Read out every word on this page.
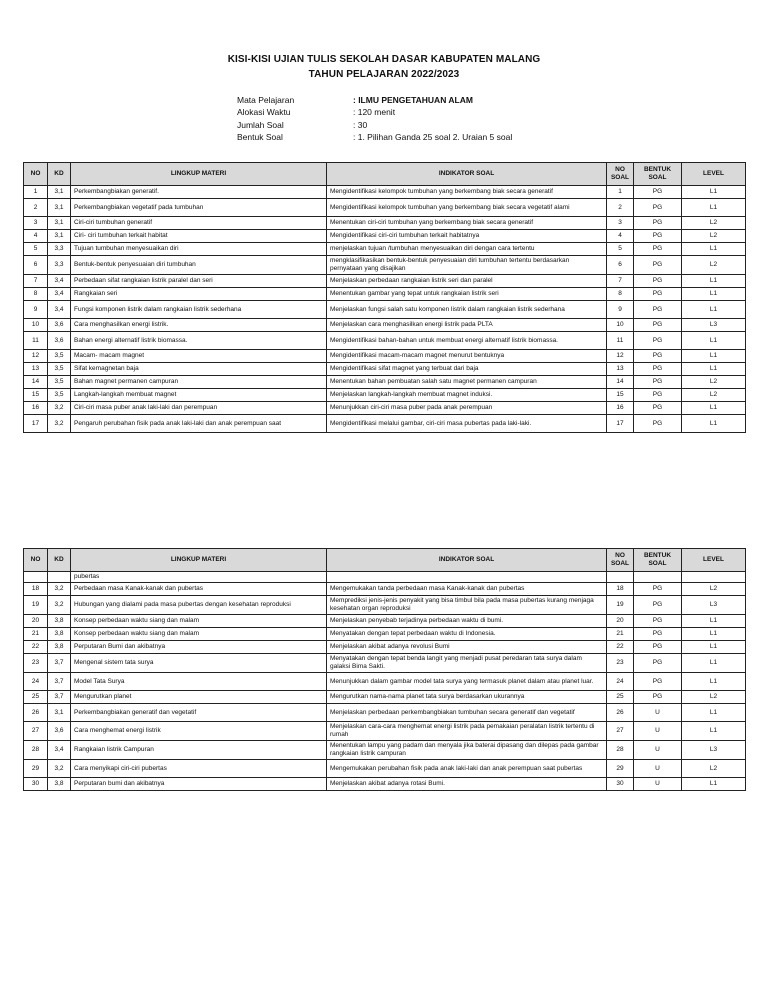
KISI-KISI UJIAN TULIS SEKOLAH DASAR KABUPATEN MALANG
TAHUN PELAJARAN 2022/2023
Mata Pelajaran	: ILMU PENGETAHUAN ALAM
Alokasi Waktu	: 120 menit
Jumlah Soal	: 30
Bentuk Soal	: 1. Pilihan Ganda 25 soal 2. Uraian 5 soal
NO	KD	LINGKUP MATERI	INDIKATOR SOAL	NO SOAL	BENTUK SOAL	LEVEL
1	3,1	Perkembangbiakan generatif.	Mengidentifikasi kelompok tumbuhan yang berkembang biak secara generatif	1	PG	L1
2	3,1	Perkembangbiakan vegetatif pada tumbuhan	Mengidentifikasi kelompok tumbuhan yang berkembang biak secara vegetatif alami	2	PG	L1
3	3,1	Ciri-ciri tumbuhan generatif	Menentukan ciri-ciri tumbuhan yang berkembang biak secara generatif	3	PG	L2
4	3,1	Ciri- ciri tumbuhan terkait habitat	Mengidentifikasi ciri-ciri tumbuhan terkait habitatnya	4	PG	L2
5	3,3	Tujuan tumbuhan menyesuaikan diri	menjelaskan tujuan /tumbuhan menyesuaikan diri dengan cara tertentu	5	PG	L1
6	3,3	Bentuk-bentuk penyesuaian diri tumbuhan	mengklasifikasikan bentuk-bentuk penyesuaian diri tumbuhan tertentu berdasarkan pernyataan yang disajikan	6	PG	L2
7	3,4	Perbedaan sifat rangkaian listrik paralel dan seri	Menjelaskan perbedaan rangkaian listrik seri dan paralel	7	PG	L1
8	3,4	Rangkaian seri	Menentukan gambar yang tepat untuk rangkaian listrik seri	8	PG	L1
9	3,4	Fungsi komponen listrik dalam rangkaian listrik sederhana	Menjelaskan fungsi salah satu komponen listrik dalam rangkaian listrik sederhana	9	PG	L1
10	3,6	Cara menghasilkan energi listrik.	Menjelaskan cara menghasilkan energi listrik pada PLTA	10	PG	L3
11	3,6	Bahan energi alternatif listrik biomassa.	Mengidentifikasi bahan-bahan untuk membuat energi alternatif listrik biomassa.	11	PG	L1
12	3,5	Macam- macam magnet	Mengidentifikasi macam-macam magnet menurut bentuknya	12	PG	L1
13	3,5	Sifat kemagnetan baja	Mengidentifikasi sifat magnet yang terbuat dari baja	13	PG	L1
14	3,5	Bahan magnet permanen campuran	Menentukan bahan pembuatan salah satu magnet permanen campuran	14	PG	L2
15	3,5	Langkah-langkah membuat magnet	Menjelaskan langkah-langkah membuat magnet induksi.	15	PG	L2
16	3,2	Ciri-ciri masa puber anak laki-laki dan perempuan	Menunjukkan ciri-ciri masa puber pada anak perempuan	16	PG	L1
17	3,2	Pengaruh perubahan fisik pada anak laki-laki dan anak perempuan saat	Mengidentifikasi melalui gambar, ciri-ciri masa pubertas pada laki-laki.	17	PG	L1
NO	KD	LINGKUP MATERI	INDIKATOR SOAL	NO SOAL	BENTUK SOAL	LEVEL
		pubertas				
18	3,2	Perbedaan masa Kanak-kanak dan pubertas	Mengemukakan tanda perbedaan masa Kanak-kanak dan pubertas	18	PG	L2
19	3,2	Hubungan yang dialami pada masa pubertas dengan kesehatan reproduksi	Memprediksi jenis-jenis penyakit yang bisa timbul bila pada masa pubertas kurang menjaga kesehatan organ reproduksi	19	PG	L3
20	3,8	Konsep perbedaan waktu siang dan malam	Menjelaskan penyebab terjadinya perbedaan waktu di bumi.	20	PG	L1
21	3,8	Konsep perbedaan waktu siang dan malam	Menyatakan dengan tepat perbedaan waktu di Indonesia.	21	PG	L1
22	3,8	Perputaran Bumi dan akibatnya	Menjelaskan akibat adanya revolusi Bumi	22	PG	L1
23	3,7	Mengenal sistem tata surya	Menyatakan dengan tepat benda langit yang menjadi pusat peredaran tata surya dalam galaksi Bima Sakti.	23	PG	L1
24	3,7	Model Tata Surya	Menunjukkan dalam gambar model tata surya yang termasuk planet dalam atau planet luar.	24	PG	L1
25	3,7	Mengurutkan planet	Mengurutkan nama-nama planet tata surya berdasarkan ukurannya	25	PG	L2
26	3,1	Perkembangbiakan generatif dan vegetatif	Menjelaskan perbedaan perkembangbiakan tumbuhan secara generatif dan vegetatif	26	U	L1
27	3,6	Cara menghemat energi listrik	Menjelaskan cara-cara menghemat energi listrik pada pemakaian peralatan listrik tertentu di rumah	27	U	L1
28	3,4	Rangkaian listrik Campuran	Menentukan lampu yang padam dan menyala jika baterai dipasang dan dilepas pada gambar rangkaian listrik campuran	28	U	L3
29	3,2	Cara menyikapi ciri-ciri pubertas	Mengemukakan perubahan fisik pada anak laki-laki dan anak perempuan saat pubertas	29	U	L2
30	3,8	Perputaran bumi dan akibatnya	Menjelaskan akibat adanya rotasi Bumi.	30	U	L1
